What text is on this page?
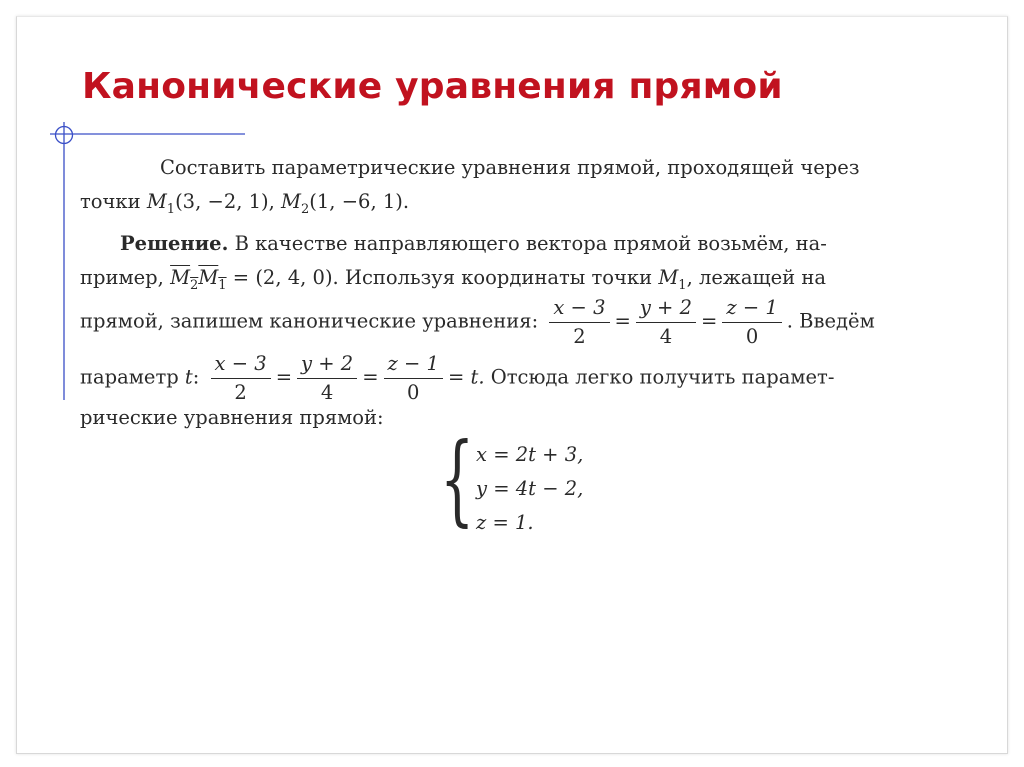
Канонические уравнения прямой
Составить параметрические уравнения прямой, проходящей через
точки $M_1(3$, −2, 1), $M_2(1$, −6, 1).
Решение. В качестве направляющего вектора прямой возьмём, на-
пример, $M_2M_1 = (2$, 4, 0). Используя координаты точки $M_1$, лежащей на
прямой, запишем канонические уравнения: $\frac{x - 3}{2} = \frac{y + 2}{4} = \frac{z - 1}{0}$ . Введём
параметр t: $\frac{x - 3}{2} = \frac{y + 2}{4} = \frac{z - 1}{0} = t$. Отсюда легко получить парамет-
рические уравнения прямой:
{ x = 2t + 3,
y = 4t − 2,
z = 1.
